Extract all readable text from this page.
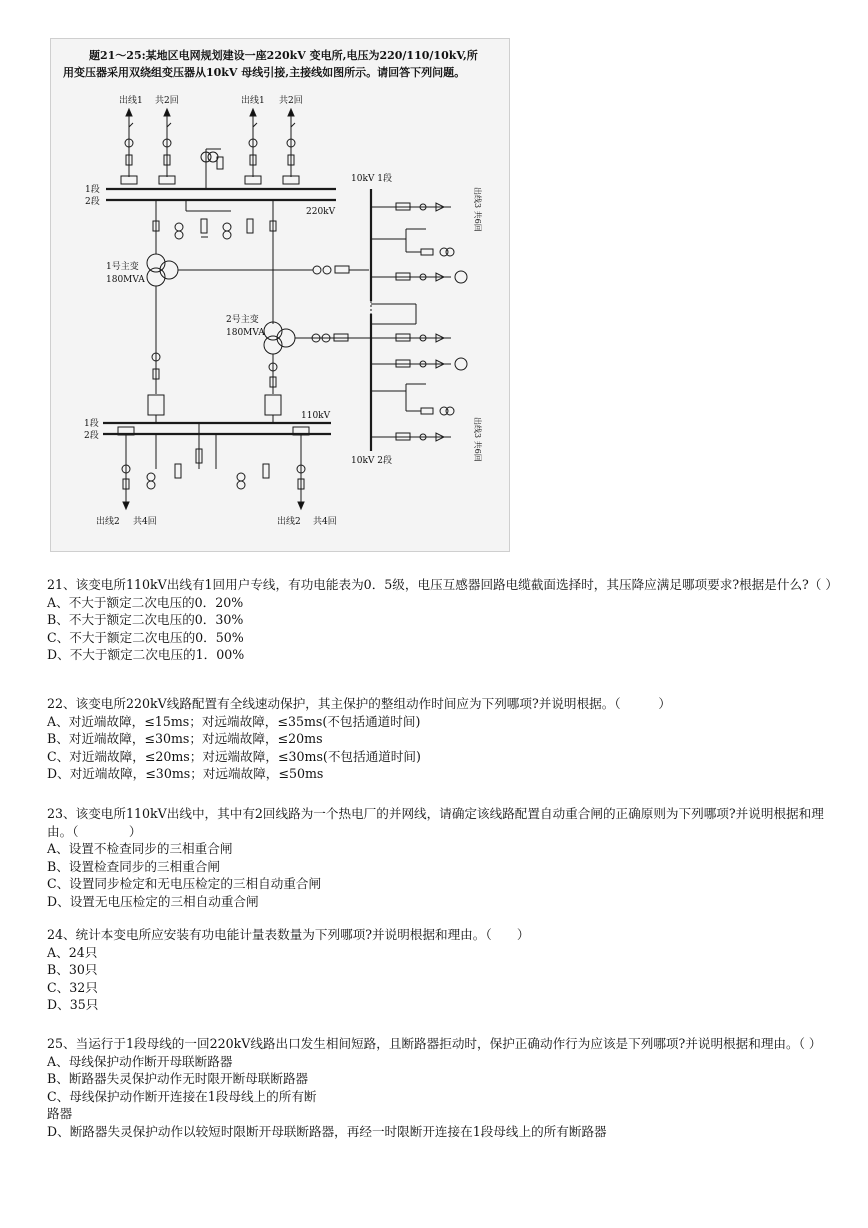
题21～25:某地区电网规划建设一座220kV 变电所,电压为220/110/10kV,所
用变压器采用双绕组变压器从10kV 母线引接,主接线如图所示。请回答下列问题。
出线1 共2回	出线1 共2回
1段
2段
220kV
1号主变
180MVA
2号主变
180MVA
1段
2段
110kV
出线2 共4回	出线2 共4回
10kV 1段
10kV 2段
出线3 共6回
出线3 共6回
21、该变电所110kV出线有1回用户专线，有功电能表为0．5级，电压互感器回路电缆截面选择时，其压降应满足哪项要求?根据是什么?（ ）
A、不大于额定二次电压的0．20%
B、不大于额定二次电压的0．30%
C、不大于额定二次电压的0．50%
D、不大于额定二次电压的1．00%
22、该变电所220kV线路配置有全线速动保护，其主保护的整组动作时间应为下列哪项?并说明根据。（　　　）
A、对近端故障，≤15ms；对远端故障，≤35ms(不包括通道时间)
B、对近端故障，≤30ms；对远端故障，≤20ms
C、对近端故障，≤20ms；对远端故障，≤30ms(不包括通道时间)
D、对近端故障，≤30ms；对远端故障，≤50ms
23、该变电所110kV出线中，其中有2回线路为一个热电厂的并网线，请确定该线路配置自动重合闸的正确原则为下列哪项?并说明根据和理由。（　　　　）
A、设置不检查同步的三相重合闸
B、设置检查同步的三相重合闸
C、设置同步检定和无电压检定的三相自动重合闸
D、设置无电压检定的三相自动重合闸
24、统计本变电所应安装有功电能计量表数量为下列哪项?并说明根据和理由。（　　）
A、24只
B、30只
C、32只
D、35只
25、当运行于1段母线的一回220kV线路出口发生相间短路，且断路器拒动时，保护正确动作行为应该是下列哪项?并说明根据和理由。（ ）
A、母线保护动作断开母联断路器
B、断路器失灵保护动作无时限开断母联断路器
C、母线保护动作断开连接在1段母线上的所有断
路器
D、断路器失灵保护动作以较短时限断开母联断路器，再经一时限断开连接在1段母线上的所有断路器
